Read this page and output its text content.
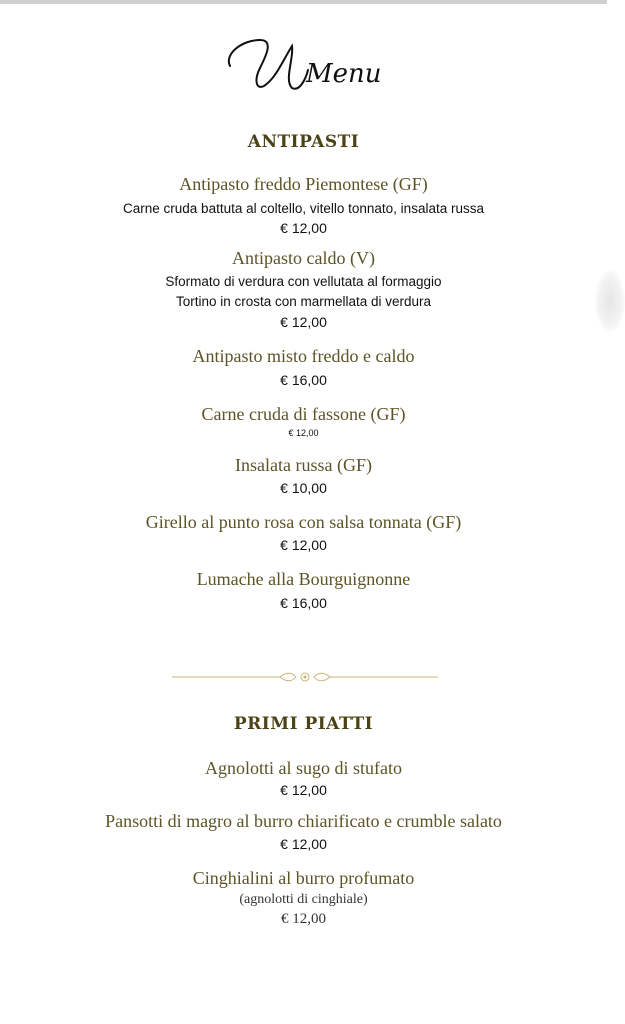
Menu
ANTIPASTI
Antipasto freddo Piemontese (GF)
Carne cruda battuta al coltello, vitello tonnato, insalata russa
€ 12,00
Antipasto caldo (V)
Sformato di verdura con vellutata al formaggio
Tortino in crosta con marmellata di verdura
€ 12,00
Antipasto misto freddo e caldo
€ 16,00
Carne cruda di fassone (GF)
€ 12,00
Insalata russa (GF)
€ 10,00
Girello al punto rosa con salsa tonnata (GF)
€ 12,00
Lumache alla Bourguignonne
€ 16,00
PRIMI PIATTI
Agnolotti al sugo di stufato
€ 12,00
Pansotti di magro al burro chiarificato e crumble salato
€ 12,00
Cinghialini al burro profumato
(agnolotti di cinghiale)
€ 12,00
